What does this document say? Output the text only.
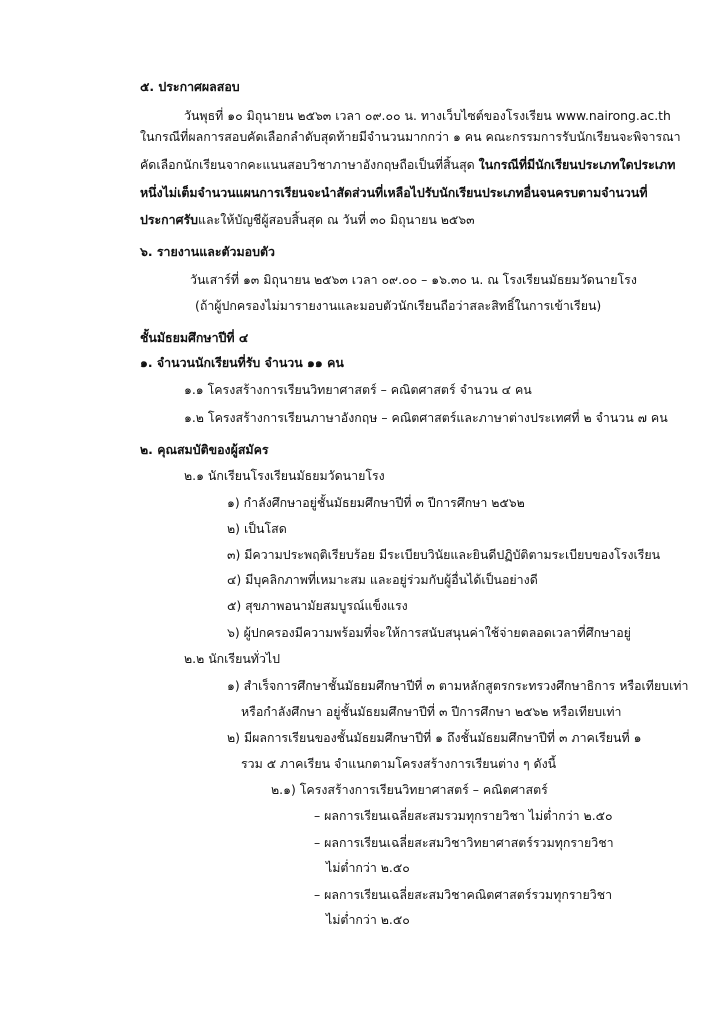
๕. ประกาศผลสอบ
วันพุธที่ ๑๐ มิถุนายน ๒๕๖๓ เวลา ๐๙.๐๐ น. ทางเว็บไซต์ของโรงเรียน www.nairong.ac.th
ในกรณีที่ผลการสอบคัดเลือกลำดับสุดท้ายมีจำนวนมากกว่า ๑ คน คณะกรรมการรับนักเรียนจะพิจารณา
คัดเลือกนักเรียนจากคะแนนสอบวิชาภาษาอังกฤษถือเป็นที่สิ้นสุด ในกรณีที่มีนักเรียนประเภทใดประเภท
หนึ่งไม่เต็มจำนวนแผนการเรียนจะนำสัดส่วนที่เหลือไปรับนักเรียนประเภทอื่นจนครบตามจำนวนที่
ประกาศรับและให้บัญชีผู้สอบสิ้นสุด ณ วันที่ ๓๐ มิถุนายน ๒๕๖๓
๖. รายงานและตัวมอบตัว
วันเสาร์ที่ ๑๓ มิถุนายน ๒๕๖๓ เวลา ๐๙.๐๐ – ๑๖.๓๐ น. ณ โรงเรียนมัธยมวัดนายโรง
(ถ้าผู้ปกครองไม่มารายงานและมอบตัวนักเรียนถือว่าสละสิทธิ์ในการเข้าเรียน)
ชั้นมัธยมศึกษาปีที่ ๔
๑. จำนวนนักเรียนที่รับ จำนวน ๑๑ คน
๑.๑ โครงสร้างการเรียนวิทยาศาสตร์ – คณิตศาสตร์ จำนวน ๔ คน
๑.๒ โครงสร้างการเรียนภาษาอังกฤษ – คณิตศาสตร์และภาษาต่างประเทศที่ ๒ จำนวน ๗ คน
๒. คุณสมบัติของผู้สมัคร
๒.๑ นักเรียนโรงเรียนมัธยมวัดนายโรง
๑) กำลังศึกษาอยู่ชั้นมัธยมศึกษาปีที่ ๓ ปีการศึกษา ๒๕๖๒
๒) เป็นโสด
๓) มีความประพฤติเรียบร้อย มีระเบียบวินัยและยินดีปฏิบัติตามระเบียบของโรงเรียน
๔) มีบุคลิกภาพที่เหมาะสม และอยู่ร่วมกับผู้อื่นได้เป็นอย่างดี
๕) สุขภาพอนามัยสมบูรณ์แข็งแรง
๖) ผู้ปกครองมีความพร้อมที่จะให้การสนับสนุนค่าใช้จ่ายตลอดเวลาที่ศึกษาอยู่
๒.๒ นักเรียนทั่วไป
๑) สำเร็จการศึกษาชั้นมัธยมศึกษาปีที่ ๓ ตามหลักสูตรกระทรวงศึกษาธิการ หรือเทียบเท่า
หรือกำลังศึกษา อยู่ชั้นมัธยมศึกษาปีที่ ๓ ปีการศึกษา ๒๕๖๒ หรือเทียบเท่า
๒) มีผลการเรียนของชั้นมัธยมศึกษาปีที่ ๑ ถึงชั้นมัธยมศึกษาปีที่ ๓ ภาคเรียนที่ ๑
รวม ๕ ภาคเรียน จำแนกตามโครงสร้างการเรียนต่าง ๆ ดังนี้
๒.๑) โครงสร้างการเรียนวิทยาศาสตร์ – คณิตศาสตร์
– ผลการเรียนเฉลี่ยสะสมรวมทุกรายวิชา ไม่ต่ำกว่า ๒.๕๐
– ผลการเรียนเฉลี่ยสะสมวิชาวิทยาศาสตร์รวมทุกรายวิชา
ไม่ต่ำกว่า ๒.๕๐
– ผลการเรียนเฉลี่ยสะสมวิชาคณิตศาสตร์รวมทุกรายวิชา
ไม่ต่ำกว่า ๒.๕๐
